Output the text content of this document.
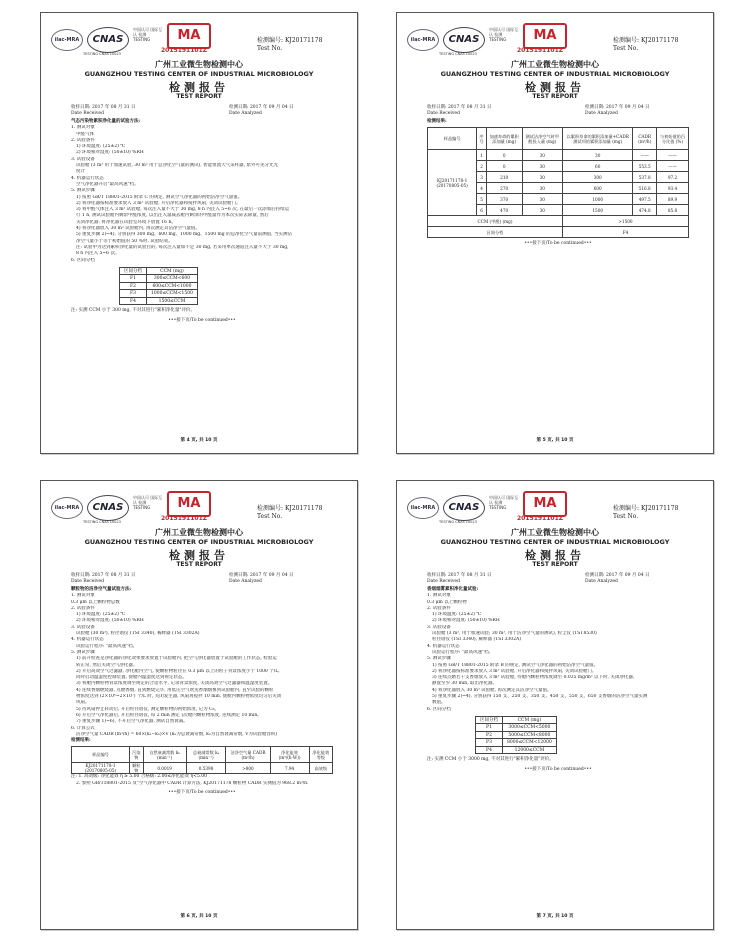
ilac-MRA	CNAS
TESTING CNAS L0023
中国认可 国际互认 检测 TESTING	MA
2015191101Z
检测编号: KJ20171178
Test No.
广州工业微生物检测中心
GUANGZHOU TESTING CENTER OF INDUSTRIAL MICROBIOLOGY
检测报告
TEST REPORT
收样日期: 2017 年 08 月 31 日
Date Received
检测日期: 2017 年 09 月 04 日
Date Analyzed
气态污染物累积净化量的试验方法:
1. 测试对象
甲醛气体
2. 试验条件
1) 环境温度: (25±2) ℃
2) 环境相对湿度: (50±10) %RH
3. 试验设备
试验舱 (3 m³ 用于加速试验, 30 m³ 用于总净化空气量的测试), 智能恒流大气采样器, 紫外可见分光光
度计
4. 机器运行状态
空气净化器开启"最高风速"档。
5. 测试步骤
1) 按照 GB/T 18801-2015 附录 C 的规定, 测试空气净化器的初始洁净空气量值。
2) 将净化器按标准要求放入 3 m³ 试验舱, 开启净化器和搅拌风扇, 关闭试验舱门。
3) 将甲醛气体注入 3 m³ 试验舱, 每次注入量不大于 30 mg, 8 h 内注入 5~6 次, 在最后一次添加后持续运
行 1 h, 测试试验舱内剩余甲醛浓度, 以出注入量减去舱内剩余的甲醛量作为本次实际去除量, 然后
关闭净化器, 将净化器在试验室环境下放置 16 h。
4) 将净化器放入 30 m³ 试验舱内, 再次测定其洁净空气量值。
5) 重复步骤 2)~4), 分别获得 300 mg、600 mg、1000 mg、1500 mg 的总净化空气量前测值, 当实测洁
净空气量小于等于初始值的 50 %时, 试验结束。
注: 试验中为达到累积净化量的试验目的, 每次注入量如不足 30 mg, 若采用单次通道注入量不大于 30 mg,
8 h 内注入 5~6 次。
6. 区间分档
区间分档	CCM (mg)
F1	300≤CCM<600
F2	600≤CCM<1000
F3	1000≤CCM<1500
F4	1500≤CCM
注: 实测 CCM 小于 300 mg, 不对其进行"累积净化量"评价。
•••接下页/To be continued•••
第 4 页, 共 10 页
ilac-MRA	CNAS
TESTING CNAS L0023
中国认可 国际互认 检测 TESTING	MA
2015191101Z
检测编号: KJ20171178
Test No.
广州工业微生物检测中心
GUANGZHOU TESTING CENTER OF INDUSTRIAL MICROBIOLOGY
检测报告
TEST REPORT
收样日期: 2017 年 08 月 31 日
Date Received
检测日期: 2017 年 09 月 04 日
Date Analyzed
检测结果:
样品编号	序号	加速寿命的累积添加量 (mg)	测试洁净空气时甲醛投入量 (mg)	以累积寿命的累积添加量+CADR 测试项的累积添加量 (mg)	CADR (m³/h)	与初始值的百分比值 (%)
KJ20171178-1 (20170805-05)	1	0	30	30	——	——
	2	0	30	60	553.5	——
	3	210	30	300	537.8	97.2
	4	270	30	600	516.8	93.4
	5	370	30	1000	497.5	89.9
	6	470	30	1500	474.8	85.8
CCM (甲醛) (mg)				>1500		
区间分档				F4		
•••接下页/To be continued•••
第 5 页, 共 10 页
ilac-MRA	CNAS
TESTING CNAS L0023
中国认可 国际互认 检测 TESTING	MA
2015191101Z
检测编号: KJ20171178
Test No.
广州工业微生物检测中心
GUANGZHOU TESTING CENTER OF INDUSTRIAL MICROBIOLOGY
检测报告
TEST REPORT
收样日期: 2017 年 08 月 31 日
Date Received
检测日期: 2017 年 09 月 04 日
Date Analyzed
颗粒物的洁净空气量试验方法:
1. 测试对象
0.3 μm 以上颗粒物总数
2. 试验条件
1) 环境温度: (25±2) ℃
2) 环境相对湿度: (50±10) %RH
3. 试验设备
试验舱 (30 m³), 粒径谱仪 (TSI 3340), 稀释器 (TSI 3302A)
4. 机器运行状态
试验运行程序: "最高风速"档。
5. 测试步骤
1) 前开检查是净化器的净化效果要求放置于试验舱内, 把空气净化器放置于试验舱的工作状态, 检验运
转正常, 然后关闭空气净化器。
2) 开启高效空气过滤器, 净化舱内空气, 使颗粒物粒径在 0.3 μm 以上的粒子背景浓度小于 1000 个/L,
同时启动温湿度控制装置, 使舱内温湿度达到规定状态。
3) 将舱内颗粒物背景浓度调至规定的合适水平, 记录背景浓度, 关闭高效空气过滤器和温湿度装置。
4) 连续香烟燃烧器, 点燃香烟, 直到燃烧完毕, 用低压空气吹送香烟烟雾到试验舱内, 直至试验的颗粒
物浓度达到 (2×10⁶~2×10⁷) 个/L 时, 关闭发生器, 风扇再搅拌 10 min, 使舱内颗粒物浓度均匀后关闭
风扇。
5) 待风扇停止转动后, 开启粒径谱仪, 测定颗粒物的初始浓度, 记为 C₀。
6) 开启空气净化器后, 开启粒径谱仪, 每 2 min 测定 (次舱内颗粒物浓度, 连续测定 10 min。
7) 重复步骤 1)~6), 不开启空气净化器, 测试自然衰减。
6. 计算公式
洁净空气量 CADR (m³/h) = 60×(kₑ−kₙ)×V (kₑ为总衰减常数, kₙ为自然衰减常数, V为试验舱容积)
检测结果:
样品编号	污染物	自然衰减常数 kₙ (min⁻¹)	总衰减常数 kₑ (min⁻¹)	洁净空气量 CADR (m³/h)	净化能效 (m³/(h·W))	净化能效等级
KJ20171178-1 (20170805-05)	颗粒物	0.0019	0.5398	>800	7.94	高效级
注: 1. 高效级: 净化能效 η ≥ 5.00 合格级: 2.00≤净化能效 η<5.00
2. 参照 GB/T18801-2015 及"空气净化器中 CADR 计算方法, KJ20171178 颗粒物 CADR 实测值为 968.2 m³/h.
•••接下页/To be continued•••
第 6 页, 共 10 页
ilac-MRA	CNAS
TESTING CNAS L0023
中国认可 国际互认 检测 TESTING	MA
2015191101Z
检测编号: KJ20171178
Test No.
广州工业微生物检测中心
GUANGZHOU TESTING CENTER OF INDUSTRIAL MICROBIOLOGY
检测报告
TEST REPORT
收样日期: 2017 年 08 月 31 日
Date Received
检测日期: 2017 年 09 月 04 日
Date Analyzed
香烟烟雾累积净化量试验:
1. 测试对象
0.3 μm 以上颗粒物
2. 试验条件
1) 环境温度: (25±2) ℃
2) 环境相对湿度: (50±10) %RH
3. 试验设备
试验舱 (3 m³, 用于加速试验; 30 m³, 用于洁净空气量的测试), 粒尘仪 (TSI 8530)
粒径谱仪 (TSI 3340), 稀释器 (TSI 3302A)
4. 机器运行状态
试验运行程序: "最高风速"档。
5. 测试步骤
1) 按照 GB/T 18801-2015 附录 B 的规定, 测试空气净化器的初始洁净空气量值。
2) 将净化器按标准要求放入 3 m³ 试验舱, 开启净化器和搅拌风扇, 关闭试验舱门。
3) 连续点燃若干支香烟放入 3 m³ 试验舱, 待舱内颗粒物浓度降至 0.035 mg/m³ 以下时, 关闭净化器,
静置至少 30 min, 取出净化器。
4) 将净化器放入 30 m³ 试验舱, 再次测定其洁净空气量值。
5) 重复步骤 2)~4), 分别获得 150 支、250 支、350 支、450 支、550 支、650 支香烟的洁净空气量实测
数值。
6. 区间分档
区间分档	CCM (mg)
P1	3000≤CCM<5000
P2	5000≤CCM<8000
P3	8000≤CCM<12000
P4	12000≤CCM
注: 实测 CCM 小于 3000 mg, 不对其进行"累积净化量"评价。
•••接下页/To be continued•••
第 7 页, 共 10 页
